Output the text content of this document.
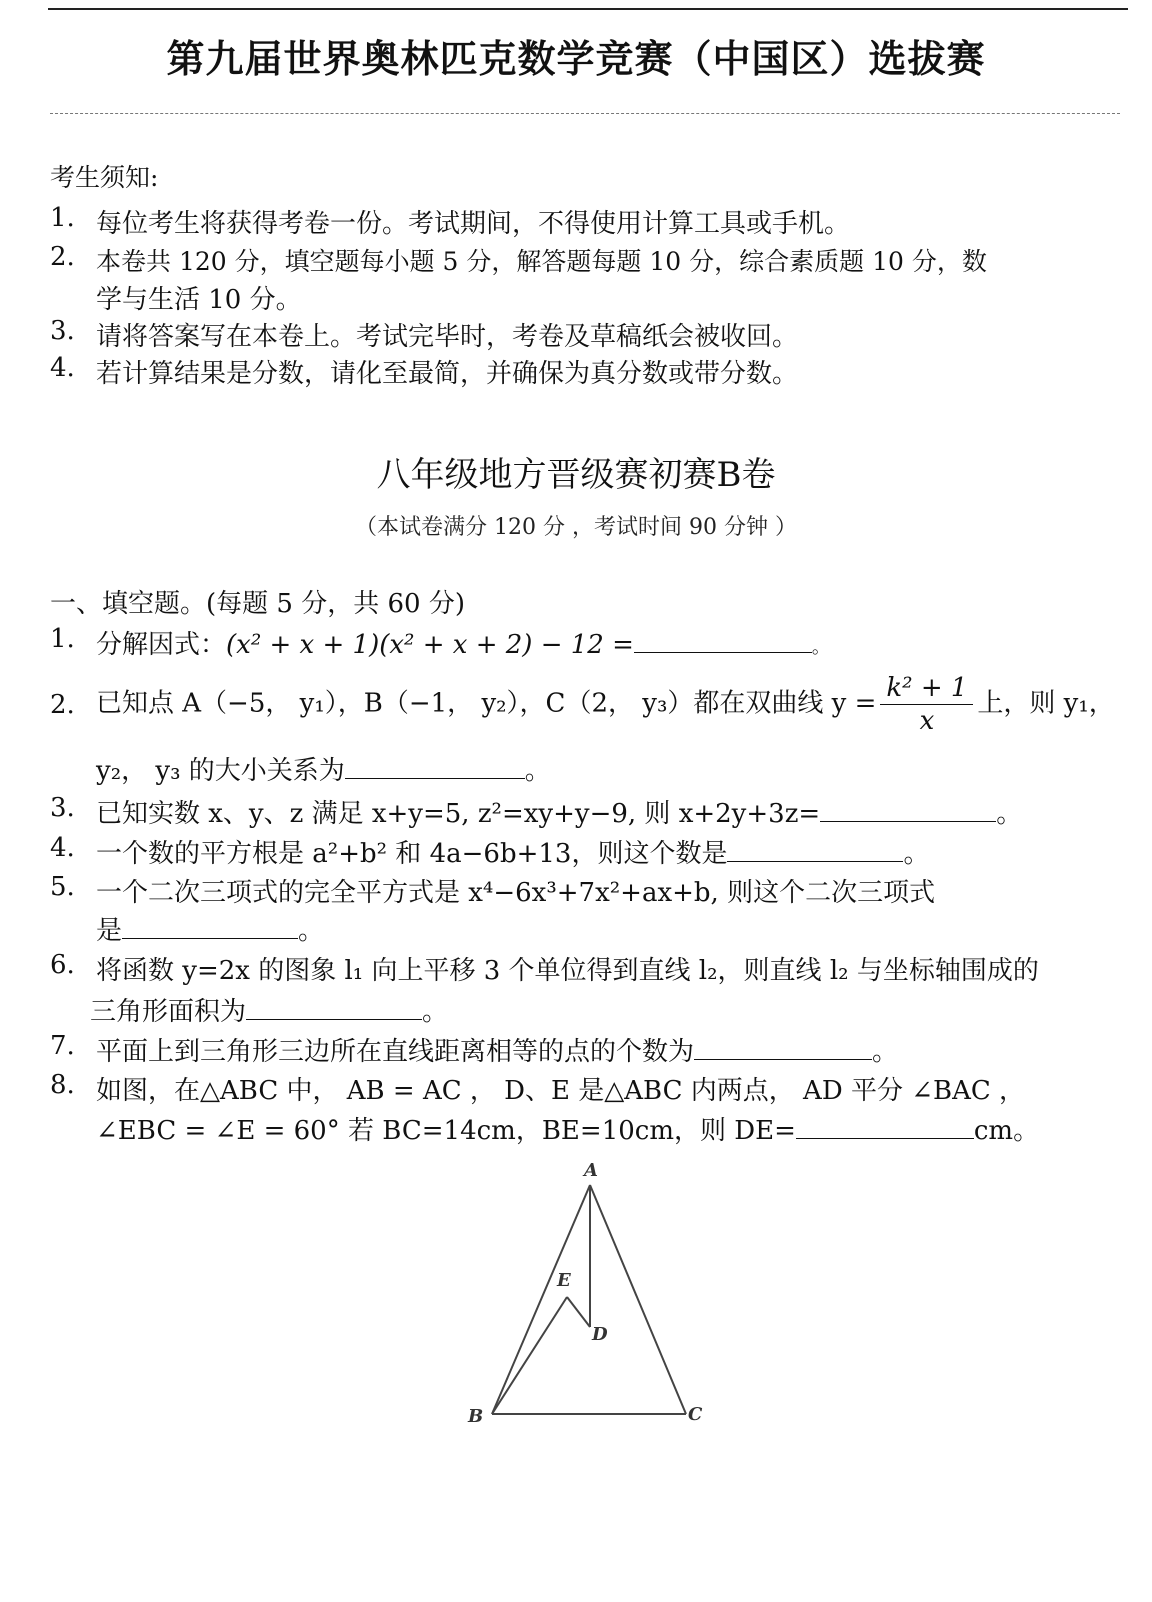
第九届世界奥林匹克数学竞赛（中国区）选拔赛
考生须知:
1. 每位考生将获得考卷一份。考试期间，不得使用计算工具或手机。
2. 本卷共 120 分，填空题每小题 5 分，解答题每题 10 分，综合素质题 10 分，数
学与生活 10 分。
3. 请将答案写在本卷上。考试完毕时，考卷及草稿纸会被收回。
4. 若计算结果是分数，请化至最简，并确保为真分数或带分数。
八年级地方晋级赛初赛B卷
（本试卷满分 120 分 ，考试时间 90 分钟 ）
一、填空题。(每题 5 分，共 60 分)
1. 分解因式：(x² + x + 1)(x² + x + 2) − 12 =	。
2. 已知点 A（−5， y₁），B（−1， y₂），C（2， y₃）都在双曲线 $y = \frac{\text{k² + 1}}{x}$ 上，则 y₁，
y₂， y₃ 的大小关系为	。
3. 已知实数 x、y、z 满足 x+y=5, z²=xy+y−9, 则 x+2y+3z=	。
4. 一个数的平方根是 a²+b² 和 4a−6b+13，则这个数是	。
5. 一个二次三项式的完全平方式是 x⁴−6x³+7x²+ax+b, 则这个二次三项式
是	。
6. 将函数 y=2x 的图象 l₁ 向上平移 3 个单位得到直线 l₂，则直线 l₂ 与坐标轴围成的
三角形面积为	。
7. 平面上到三角形三边所在直线距离相等的点的个数为	。
8. 如图，在△ABC 中， AB = AC ， D、E 是△ABC 内两点， AD 平分 ∠BAC ，
∠EBC = ∠E = 60° 若 BC=14cm，BE=10cm，则 DE=	cm。
A
B	C
D
E
